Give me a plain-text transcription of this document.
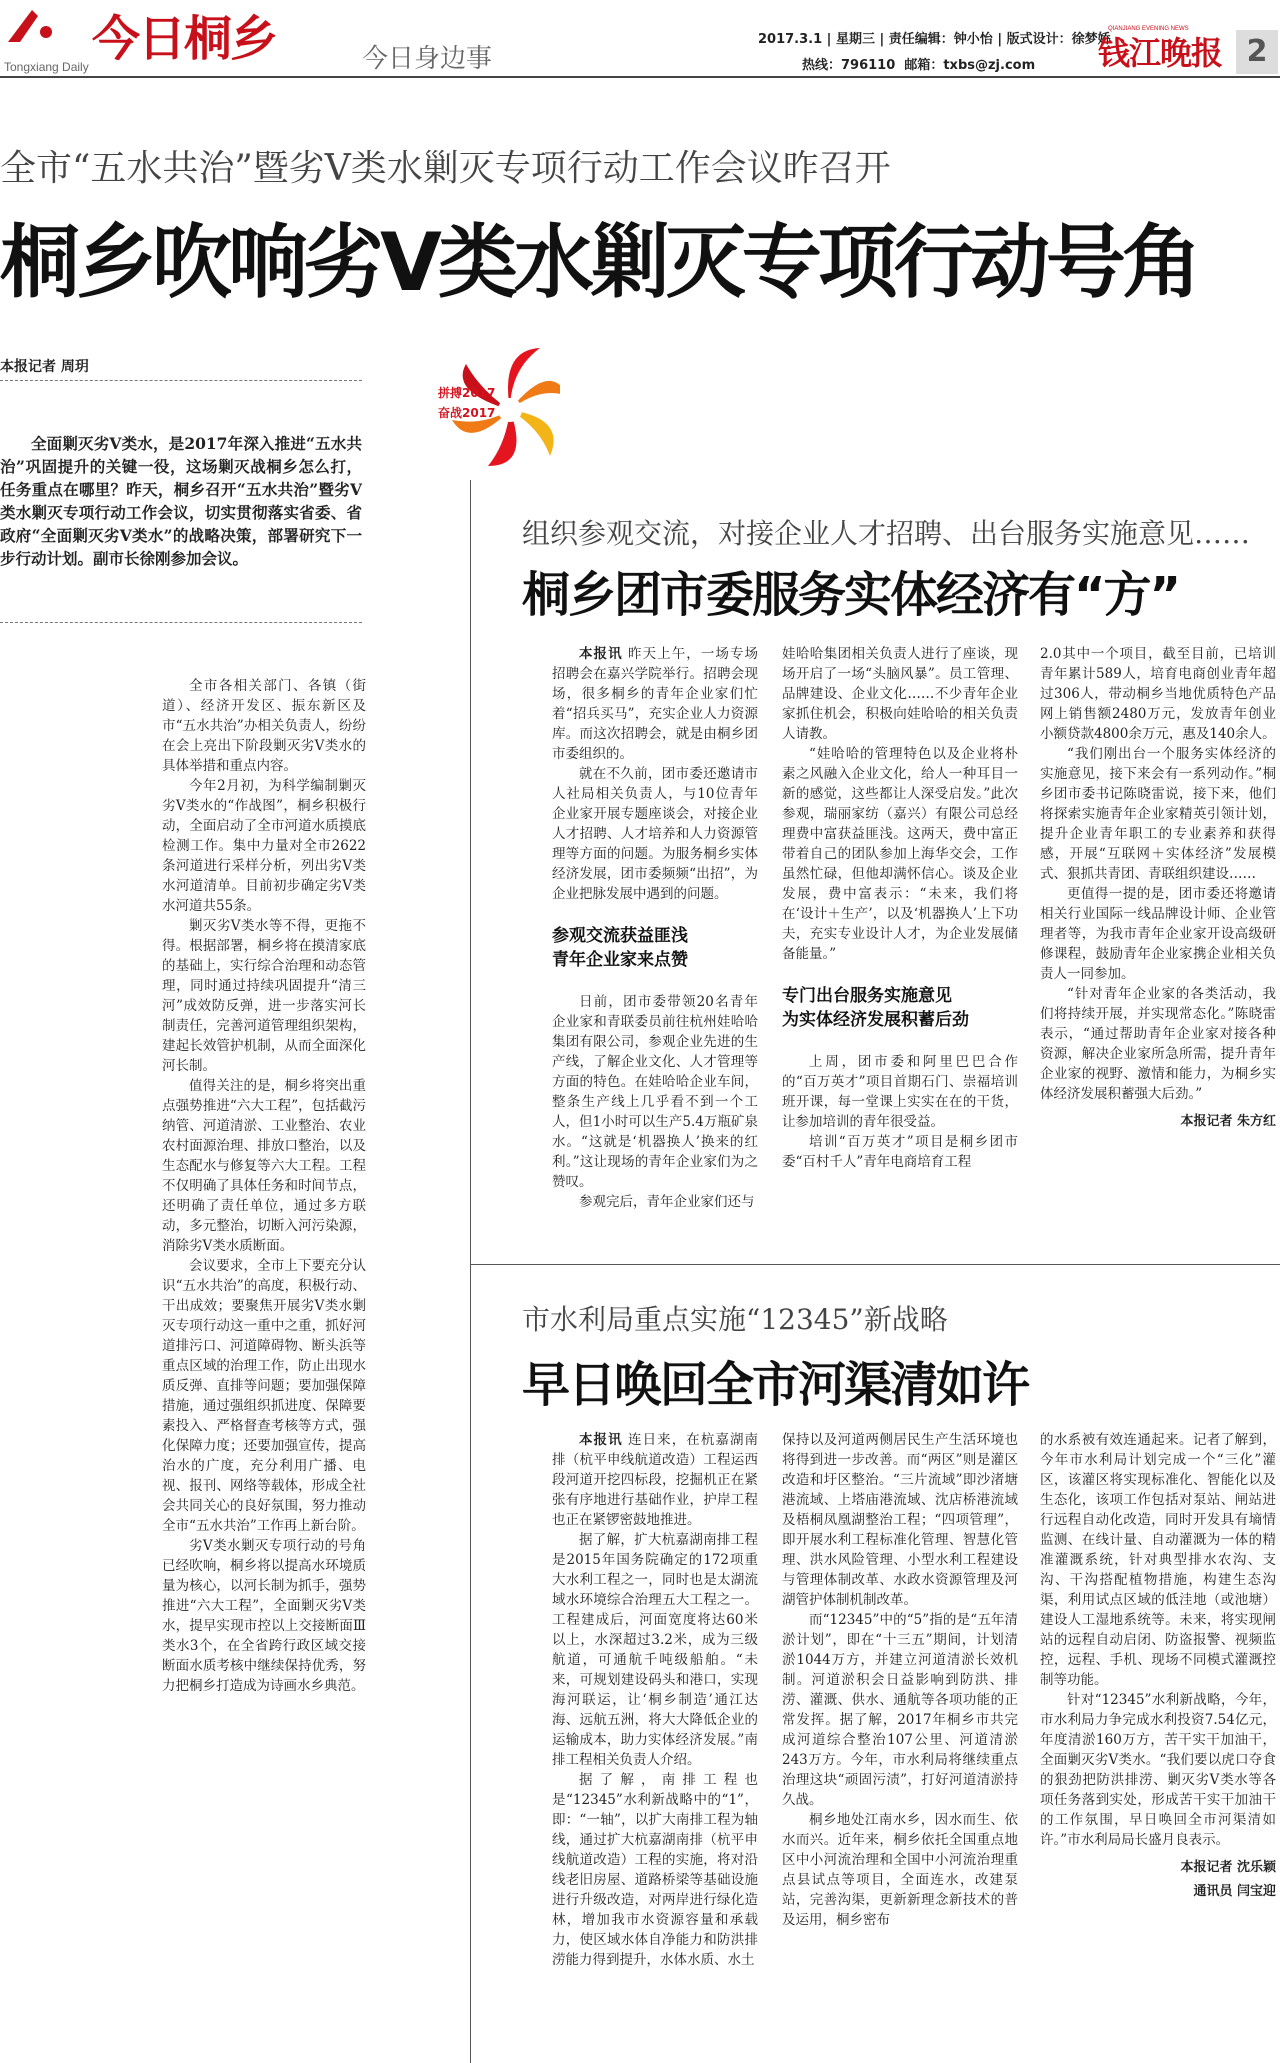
今日桐乡
Tongxiang Daily	今日身边事
2017.3.1 | 星期三 | 责任编辑：钟小怡 | 版式设计：徐梦娇
热线：796110 邮箱：txbs@zj.com
QIANJIANG EVENING NEWS
钱江晚报 2
全市“五水共治”暨劣Ⅴ类水剿灭专项行动工作会议昨召开
桐乡吹响劣Ⅴ类水剿灭专项行动号角
本报记者 周玥
全面剿灭劣Ⅴ类水，是2017年深入推进“五水共治”巩固提升的关键一役，这场剿灭战桐乡怎么打，任务重点在哪里？昨天，桐乡召开“五水共治”暨劣Ⅴ类水剿灭专项行动工作会议，切实贯彻落实省委、省政府“全面剿灭劣Ⅴ类水”的战略决策，部署研究下一步行动计划。副市长徐刚参加会议。

全市各相关部门、各镇（街道）、经济开发区、振东新区及市“五水共治”办相关负责人，纷纷在会上亮出下阶段剿灭劣Ⅴ类水的具体举措和重点内容。

今年2月初，为科学编制剿灭劣Ⅴ类水的“作战图”，桐乡积极行动，全面启动了全市河道水质摸底检测工作。集中力量对全市2622条河道进行采样分析，列出劣Ⅴ类水河道清单。目前初步确定劣Ⅴ类水河道共55条。

剿灭劣Ⅴ类水等不得，更拖不得。根据部署，桐乡将在摸清家底的基础上，实行综合治理和动态管理，同时通过持续巩固提升“清三河”成效防反弹，进一步落实河长制责任，完善河道管理组织架构，建起长效管护机制，从而全面深化河长制。

值得关注的是，桐乡将突出重点强势推进“六大工程”，包括截污纳管、河道清淤、工业整治、农业农村面源治理、排放口整治，以及生态配水与修复等六大工程。工程不仅明确了具体任务和时间节点，还明确了责任单位，通过多方联动，多元整治，切断入河污染源，消除劣Ⅴ类水质断面。

会议要求，全市上下要充分认识“五水共治”的高度，积极行动、干出成效；要聚焦开展劣Ⅴ类水剿灭专项行动这一重中之重，抓好河道排污口、河道障碍物、断头浜等重点区域的治理工作，防止出现水质反弹、直排等问题；要加强保障措施，通过强组织抓进度、保障要素投入、严格督查考核等方式，强化保障力度；还要加强宣传，提高治水的广度，充分利用广播、电视、报刊、网络等载体，形成全社会共同关心的良好氛围，努力推动全市“五水共治”工作再上新台阶。

劣Ⅴ类水剿灭专项行动的号角已经吹响，桐乡将以提高水环境质量为核心，以河长制为抓手，强势推进“六大工程”，全面剿灭劣Ⅴ类水，提早实现市控以上交接断面Ⅲ类水3个，在全省跨行政区域交接断面水质考核中继续保持优秀，努力把桐乡打造成为诗画水乡典范。

拼搏2017
奋战2017
组织参观交流，对接企业人才招聘、出台服务实施意见……
桐乡团市委服务实体经济有“方”

本报讯 昨天上午，一场专场招聘会在嘉兴学院举行。招聘会现场，很多桐乡的青年企业家们忙着“招兵买马”，充实企业人力资源库。而这次招聘会，就是由桐乡团市委组织的。

就在不久前，团市委还邀请市人社局相关负责人，与10位青年企业家开展专题座谈会，对接企业人才招聘、人才培养和人力资源管理等方面的问题。为服务桐乡实体经济发展，团市委频频“出招”，为企业把脉发展中遇到的问题。

参观交流获益匪浅
青年企业家来点赞

日前，团市委带领20名青年企业家和青联委员前往杭州娃哈哈集团有限公司，参观企业先进的生产线，了解企业文化、人才管理等方面的特色。在娃哈哈企业车间，整条生产线上几乎看不到一个工人，但1小时可以生产5.4万瓶矿泉水。“这就是‘机器换人’换来的红利。”这让现场的青年企业家们为之赞叹。

参观完后，青年企业家们还与

娃哈哈集团相关负责人进行了座谈，现场开启了一场“头脑风暴”。员工管理、品牌建设、企业文化……不少青年企业家抓住机会，积极向娃哈哈的相关负责人请教。

“娃哈哈的管理特色以及企业将朴素之风融入企业文化，给人一种耳目一新的感觉，这些都让人深受启发。”此次参观，瑞丽家纺（嘉兴）有限公司总经理费中富获益匪浅。这两天，费中富正带着自己的团队参加上海华交会，工作虽然忙碌，但他却满怀信心。谈及企业发展，费中富表示：“未来，我们将在‘设计＋生产’，以及‘机器换人’上下功夫，充实专业设计人才，为企业发展储备能量。”

专门出台服务实施意见
为实体经济发展积蓄后劲

上周，团市委和阿里巴巴合作的“百万英才”项目首期石门、崇福培训班开课，每一堂课上实实在在的干货，让参加培训的青年很受益。

培训“百万英才”项目是桐乡团市委“百村千人”青年电商培育工程

2.0其中一个项目，截至目前，已培训青年累计589人，培育电商创业青年超过306人，带动桐乡当地优质特色产品网上销售额2480万元，发放青年创业小额贷款4800余万元，惠及140余人。

“我们刚出台一个服务实体经济的实施意见，接下来会有一系列动作。”桐乡团市委书记陈晓雷说，接下来，他们将探索实施青年企业家精英引领计划，提升企业青年职工的专业素养和获得感，开展“互联网＋实体经济”发展模式、狠抓共青团、青联组织建设……

更值得一提的是，团市委还将邀请相关行业国际一线品牌设计师、企业管理者等，为我市青年企业家开设高级研修课程，鼓励青年企业家携企业相关负责人一同参加。

“针对青年企业家的各类活动，我们将持续开展，并实现常态化。”陈晓雷表示，“通过帮助青年企业家对接各种资源，解决企业家所急所需，提升青年企业家的视野、激情和能力，为桐乡实体经济发展积蓄强大后劲。”

本报记者 朱方红
市水利局重点实施“12345”新战略
早日唤回全市河渠清如许

本报讯 连日来，在杭嘉湖南排（杭平申线航道改造）工程运西段河道开挖四标段，挖掘机正在紧张有序地进行基础作业，护岸工程也正在紧锣密鼓地推进。

据了解，扩大杭嘉湖南排工程是2015年国务院确定的172项重大水利工程之一，同时也是太湖流域水环境综合治理五大工程之一。工程建成后，河面宽度将达60米以上，水深超过3.2米，成为三级航道，可通航千吨级船舶。“未来，可规划建设码头和港口，实现海河联运，让‘桐乡制造’通江达海、远航五洲，将大大降低企业的运输成本，助力实体经济发展。”南排工程相关负责人介绍。

据了解，南排工程也是“12345”水利新战略中的“1”，即：“一轴”，以扩大南排工程为轴线，通过扩大杭嘉湖南排（杭平申线航道改造）工程的实施，将对沿线老旧房屋、道路桥梁等基础设施进行升级改造，对两岸进行绿化造林，增加我市水资源容量和承载力，使区域水体自净能力和防洪排涝能力得到提升，水体水质、水土

保持以及河道两侧居民生产生活环境也将得到进一步改善。而“两区”则是灌区改造和圩区整治。“三片流域”即沙渚塘港流域、上塔庙港流域、沈店桥港流域及梧桐凤凰湖整治工程；“四项管理”，即开展水利工程标准化管理、智慧化管理、洪水风险管理、小型水利工程建设与管理体制改革、水政水资源管理及河湖管护体制机制改革。

而“12345”中的“5”指的是“五年清淤计划”，即在“十三五”期间，计划清淤1044万方，并建立河道清淤长效机制。河道淤积会日益影响到防洪、排涝、灌溉、供水、通航等各项功能的正常发挥。据了解，2017年桐乡市共完成河道综合整治107公里、河道清淤243万方。今年，市水利局将继续重点治理这块“顽固污渍”，打好河道清淤持久战。

桐乡地处江南水乡，因水而生、依水而兴。近年来，桐乡依托全国重点地区中小河流治理和全国中小河流治理重点县试点等项目，全面连水，改建泵站，完善沟渠，更新新理念新技术的普及运用，桐乡密布

的水系被有效连通起来。记者了解到，今年市水利局计划完成一个“三化”灌区，该灌区将实现标准化、智能化以及生态化，该项工作包括对泵站、闸站进行远程自动化改造，同时开发具有墒情监测、在线计量、自动灌溉为一体的精准灌溉系统，针对典型排水农沟、支沟、干沟搭配植物措施，构建生态沟渠，利用试点区域的低洼地（或池塘）建设人工湿地系统等。未来，将实现闸站的远程自动启闭、防盗报警、视频监控，远程、手机、现场不同模式灌溉控制等功能。

针对“12345”水利新战略，今年，市水利局力争完成水利投资7.54亿元，年度清淤160万方，苦干实干加油干，全面剿灭劣Ⅴ类水。“我们要以虎口夺食的狠劲把防洪排涝、剿灭劣Ⅴ类水等各项任务落到实处，形成苦干实干加油干的工作氛围，早日唤回全市河渠清如许。”市水利局局长盛月良表示。

本报记者 沈乐颖
通讯员 闫宝迎
